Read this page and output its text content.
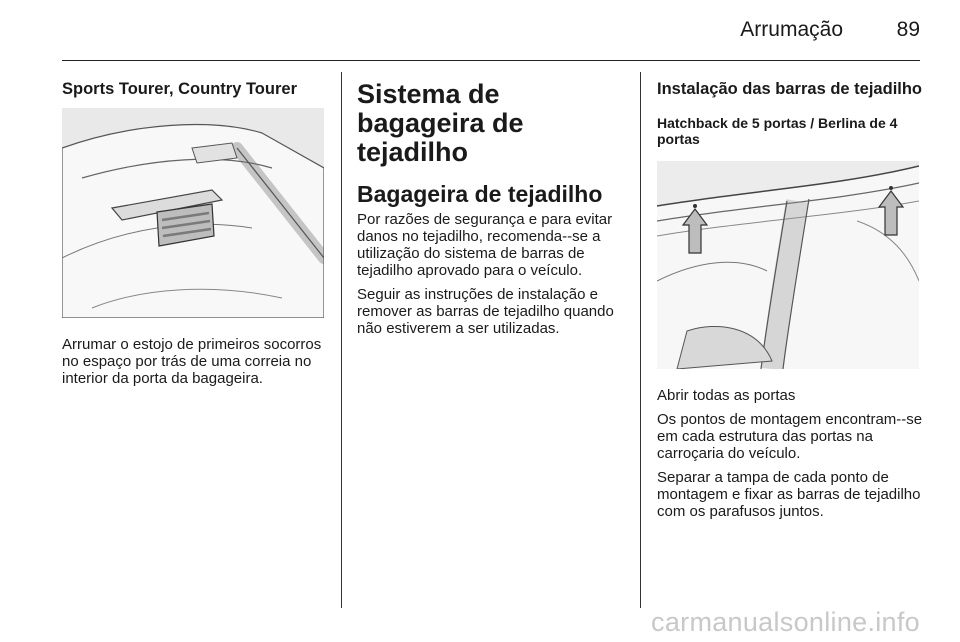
Arrumação	89
Sports Tourer, Country Tourer

Arrumar o estojo de primeiros socorros no espaço por trás de uma correia no interior da porta da bagageira.

Sistema de bagageira de tejadilho
Bagageira de tejadilho

Por razões de segurança e para evitar danos no tejadilho, recomenda--se a utilização do sistema de barras de tejadilho aprovado para o veículo.

Seguir as instruções de instalação e remover as barras de tejadilho quando não estiverem a ser utilizadas.

Instalação das barras de tejadilho
Hatchback de 5 portas / Berlina de 4 portas

Abrir todas as portas

Os pontos de montagem encontram--se em cada estrutura das portas na carroçaria do veículo.

Separar a tampa de cada ponto de montagem e fixar as barras de tejadilho com os parafusos juntos.

carmanualsonline.info
